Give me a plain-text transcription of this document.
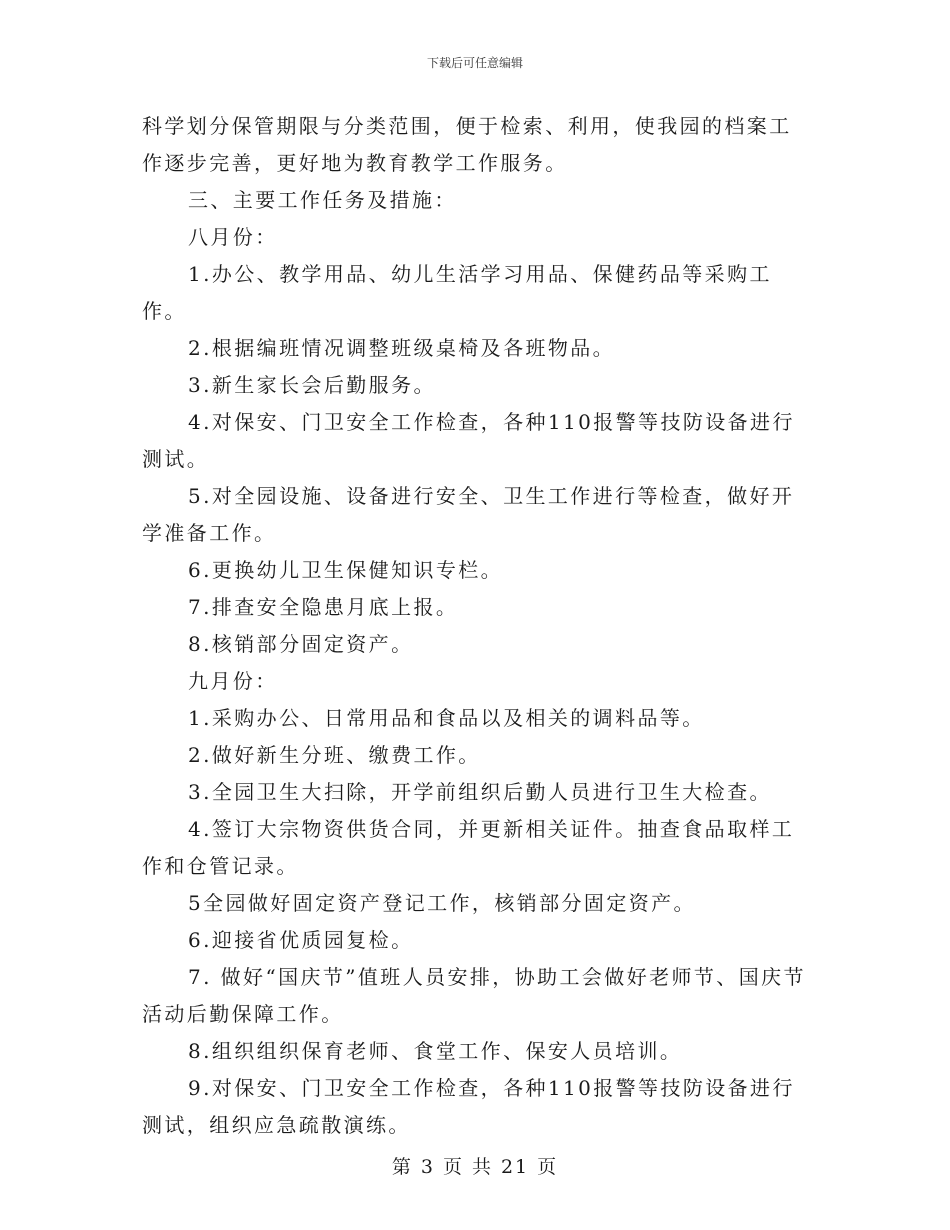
下载后可任意编辑

科学划分保管期限与分类范围，便于检索、利用，使我园的档案工作逐步完善，更好地为教育教学工作服务。

三、主要工作任务及措施：

八月份：

1.办公、教学用品、幼儿生活学习用品、保健药品等采购工作。

2.根据编班情况调整班级桌椅及各班物品。

3.新生家长会后勤服务。

4.对保安、门卫安全工作检查，各种110报警等技防设备进行测试。

5.对全园设施、设备进行安全、卫生工作进行等检查，做好开学准备工作。

6.更换幼儿卫生保健知识专栏。

7.排查安全隐患月底上报。

8.核销部分固定资产。

九月份：

1.采购办公、日常用品和食品以及相关的调料品等。

2.做好新生分班、缴费工作。

3.全园卫生大扫除，开学前组织后勤人员进行卫生大检查。

4.签订大宗物资供货合同，并更新相关证件。抽查食品取样工作和仓管记录。

5全园做好固定资产登记工作，核销部分固定资产。

6.迎接省优质园复检。

7. 做好“国庆节”值班人员安排，协助工会做好老师节、国庆节活动后勤保障工作。

8.组织组织保育老师、食堂工作、保安人员培训。

9.对保安、门卫安全工作检查，各种110报警等技防设备进行测试，组织应急疏散演练。

第 3 页 共 21 页
